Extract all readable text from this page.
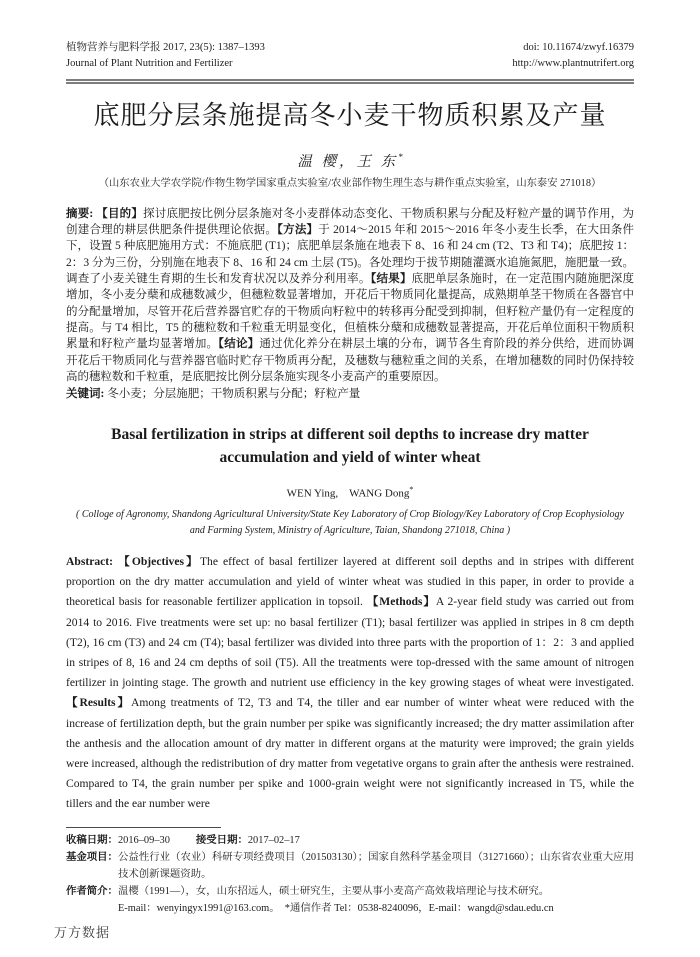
植物营养与肥料学报 2017, 23(5): 1387–1393
Journal of Plant Nutrition and Fertilizer
doi: 10.11674/zwyf.16379
http://www.plantnutrifert.org
底肥分层条施提高冬小麦干物质积累及产量
温 樱，王 东*
（山东农业大学农学院/作物生物学国家重点实验室/农业部作物生理生态与耕作重点实验室，山东泰安 271018）

摘要: 【目的】探讨底肥按比例分层条施对冬小麦群体动态变化、干物质积累与分配及籽粒产量的调节作用，为创建合理的耕层供肥条件提供理论依据。【方法】于 2014～2015 年和 2015～2016 年冬小麦生长季，在大田条件下，设置 5 种底肥施用方式：不施底肥 (T1)；底肥单层条施在地表下 8、16 和 24 cm (T2、T3 和 T4)；底肥按 1：2：3 分为三份，分别施在地表下 8、16 和 24 cm 土层 (T5)。各处理均于拔节期随灌溉水追施氮肥，施肥量一致。调查了小麦关键生育期的生长和发育状况以及养分利用率。【结果】底肥单层条施时，在一定范围内随施肥深度增加，冬小麦分蘖和成穗数减少，但穗粒数显著增加，开花后干物质同化量提高，成熟期单茎干物质在各器官中的分配量增加，尽管开花后营养器官贮存的干物质向籽粒中的转移再分配受到抑制，但籽粒产量仍有一定程度的提高。与 T4 相比，T5 的穗粒数和千粒重无明显变化，但植株分蘖和成穗数显著提高，开花后单位面积干物质积累量和籽粒产量均显著增加。【结论】通过优化养分在耕层土壤的分布，调节各生育阶段的养分供给，进而协调开花后干物质同化与营养器官临时贮存干物质再分配，及穗数与穗粒重之间的关系，在增加穗数的同时仍保持较高的穗粒数和千粒重，是底肥按比例分层条施实现冬小麦高产的重要原因。

关键词: 冬小麦；分层施肥；干物质积累与分配；籽粒产量

Basal fertilization in strips at different soil depths to increase dry matter accumulation and yield of winter wheat
WEN Ying,　WANG Dong*
( Colloge of Agronomy, Shandong Agricultural University/State Key Laboratory of Crop Biology/Key Laboratory of Crop Ecophysiology and Farming System, Ministry of Agriculture, Taian, Shandong 271018, China )

Abstract: 【Objectives】The effect of basal fertilizer layered at different soil depths and in stripes with different proportion on the dry matter accumulation and yield of winter wheat was studied in this paper, in order to provide a theoretical basis for reasonable fertilizer application in topsoil. 【Methods】A 2-year field study was carried out from 2014 to 2016. Five treatments were set up: no basal fertilizer (T1); basal fertilizer was applied in stripes in 8 cm depth (T2), 16 cm (T3) and 24 cm (T4); basal fertilizer was divided into three parts with the proportion of 1：2：3 and applied in stripes of 8, 16 and 24 cm depths of soil (T5). All the treatments were top-dressed with the same amount of nitrogen fertilizer in jointing stage. The growth and nutrient use efficiency in the key growing stages of wheat were investigated. 【Results】Among treatments of T2, T3 and T4, the tiller and ear number of winter wheat were reduced with the increase of fertilization depth, but the grain number per spike was significantly increased; the dry matter assimilation after the anthesis and the allocation amount of dry matter in different organs at the maturity were improved; the grain yields were increased, although the redistribution of dry matter from vegetative organs to grain after the anthesis were restrained. Compared to T4, the grain number per spike and 1000-grain weight were not significantly increased in T5, while the tillers and the ear number were

收稿日期：2016–09–30	接受日期：2017–02–17
基金项目： 公益性行业（农业）科研专项经费项目（201503130）；国家自然科学基金项目（31271660）；山东省农业重大应用技术创新课题资助。
作者简介： 温樱（1991—），女，山东招远人，硕士研究生，主要从事小麦高产高效栽培理论与技术研究。
E-mail：wenyingyx1991@163.com。　*通信作者 Tel：0538-8240096，E-mail：wangd@sdau.edu.cn
万方数据
